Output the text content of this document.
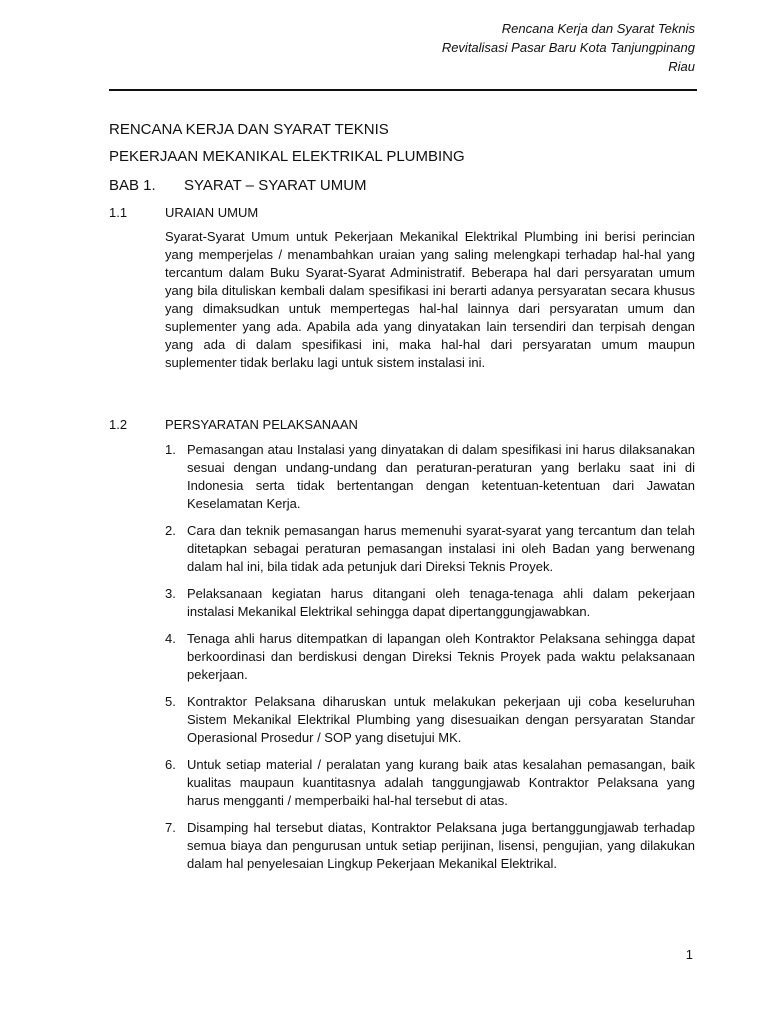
Rencana Kerja dan Syarat Teknis
Revitalisasi Pasar Baru Kota Tanjungpinang
Riau
RENCANA KERJA DAN SYARAT TEKNIS
PEKERJAAN MEKANIKAL ELEKTRIKAL PLUMBING
BAB 1. SYARAT – SYARAT UMUM
1.1	URAIAN UMUM

Syarat-Syarat Umum untuk Pekerjaan Mekanikal Elektrikal Plumbing ini berisi perincian yang memperjelas / menambahkan uraian yang saling melengkapi terhadap hal-hal yang tercantum dalam Buku Syarat-Syarat Administratif. Beberapa hal dari persyaratan umum yang bila dituliskan kembali dalam spesifikasi ini berarti adanya persyaratan secara khusus yang dimaksudkan untuk mempertegas hal-hal lainnya dari persyaratan umum dan suplementer yang ada. Apabila ada yang dinyatakan lain tersendiri dan terpisah dengan yang ada di dalam spesifikasi ini, maka hal-hal dari persyaratan umum maupun suplementer tidak berlaku lagi untuk sistem instalasi ini.

1.2	PERSYARATAN PELAKSANAAN
1. Pemasangan atau Instalasi yang dinyatakan di dalam spesifikasi ini harus dilaksanakan sesuai dengan undang-undang dan peraturan-peraturan yang berlaku saat ini di Indonesia serta tidak bertentangan dengan ketentuan-ketentuan dari Jawatan Keselamatan Kerja.
2. Cara dan teknik pemasangan harus memenuhi syarat-syarat yang tercantum dan telah ditetapkan sebagai peraturan pemasangan instalasi ini oleh Badan yang berwenang dalam hal ini, bila tidak ada petunjuk dari Direksi Teknis Proyek.
3. Pelaksanaan kegiatan harus ditangani oleh tenaga-tenaga ahli dalam pekerjaan instalasi Mekanikal Elektrikal sehingga dapat dipertanggungjawabkan.
4. Tenaga ahli harus ditempatkan di lapangan oleh Kontraktor Pelaksana sehingga dapat berkoordinasi dan berdiskusi dengan Direksi Teknis Proyek pada waktu pelaksanaan pekerjaan.
5. Kontraktor Pelaksana diharuskan untuk melakukan pekerjaan uji coba keseluruhan Sistem Mekanikal Elektrikal Plumbing yang disesuaikan dengan persyaratan Standar Operasional Prosedur / SOP yang disetujui MK.
6. Untuk setiap material / peralatan yang kurang baik atas kesalahan pemasangan, baik kualitas maupaun kuantitasnya adalah tanggungjawab Kontraktor Pelaksana yang harus mengganti / memperbaiki hal-hal tersebut di atas.
7. Disamping hal tersebut diatas, Kontraktor Pelaksana juga bertanggungjawab terhadap semua biaya dan pengurusan untuk setiap perijinan, lisensi, pengujian, yang dilakukan dalam hal penyelesaian Lingkup Pekerjaan Mekanikal Elektrikal.
1
